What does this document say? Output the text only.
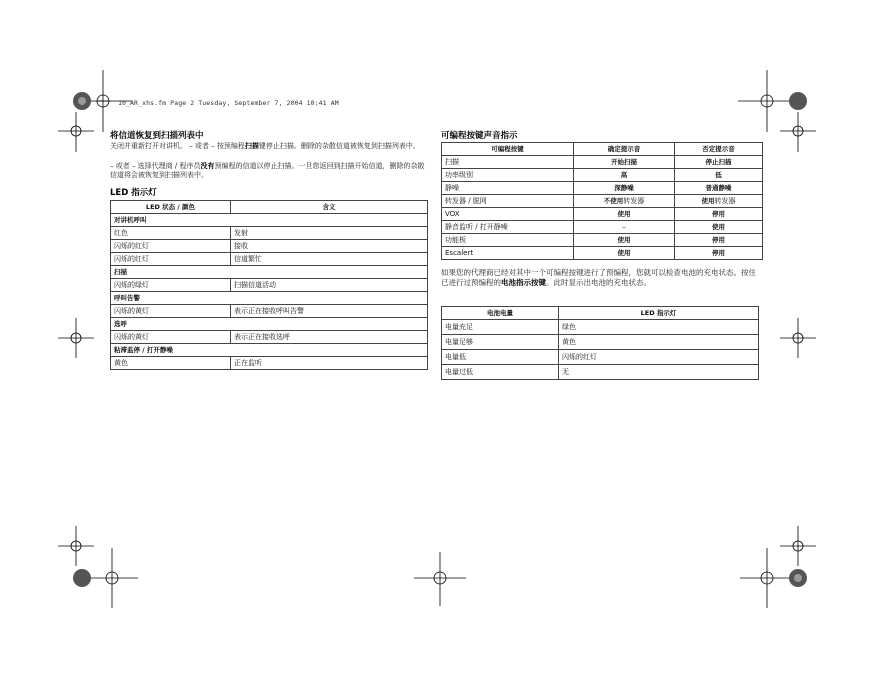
10_AR_xhs.fm Page 2 Tuesday, September 7, 2004 10:41 AM
将信道恢复到扫描列表中

关闭并重新打开对讲机。 – 或者 – 按预编程扫描键停止扫描。删除的杂散信道被恢复到扫描列表中。

– 或者 – 选择代理商 / 程序员没有预编程的信道以停止扫描。一旦您返回到扫描开始信道，删除的杂散信道将会被恢复到扫描列表中。

LED 指示灯
LED 状态 / 颜色	含义
对讲机呼叫	
红色	发射
闪烁的红灯	接收
闪烁的红灯	信道繁忙
扫描	
闪烁的绿灯	扫描信道活动
呼叫告警	
闪烁的黄灯	表示正在接收呼叫告警
选呼	
闪烁的黄灯	表示正在接收选呼
粘滞监停 / 打开静噪	
黄色	正在监听
可编程按键声音指示
可编程按键	确定提示音	否定提示音
扫描	开始扫描	停止扫描
功率级别	高	低
静噪	深静噪	普通静噪
转发器 / 脱网	不使用转发器	使用转发器
VOX	使用	停用
静音监听 / 打开静噪	–	使用
功能板	使用	停用
Escalert	使用	停用

如果您的代理商已经对其中一个可编程按键进行了预编程，您就可以检查电池的充电状态。按住已进行过预编程的电池指示按键。此时显示出电池的充电状态。

电池电量	LED 指示灯
电量充足	绿色
电量足够	黄色
电量低	闪烁的红灯
电量过低	无
